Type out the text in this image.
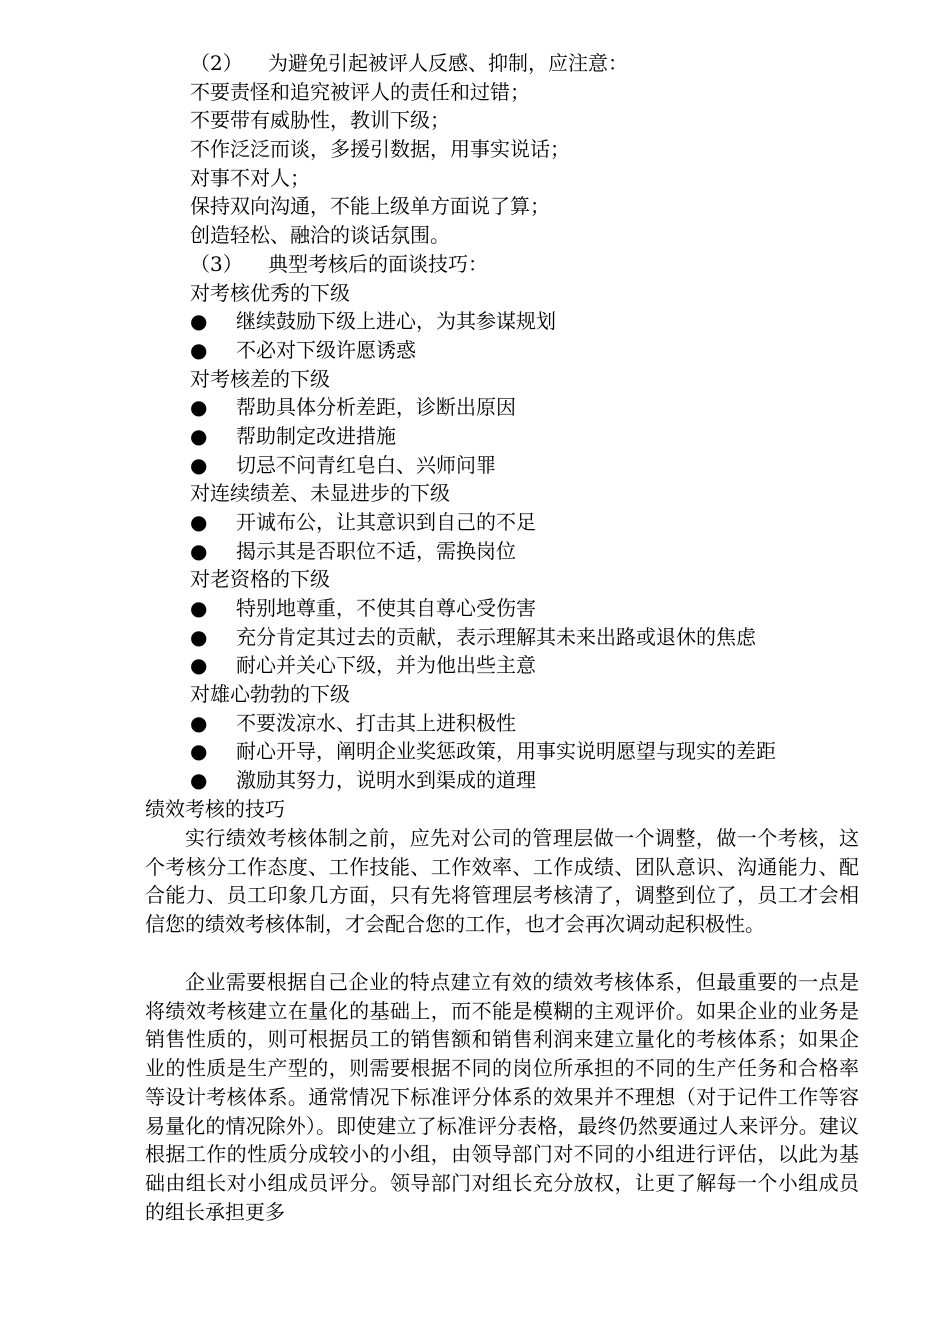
（2） 为避免引起被评人反感、抑制，应注意：
不要责怪和追究被评人的责任和过错；
不要带有威胁性，教训下级；
不作泛泛而谈，多援引数据，用事实说话；
对事不对人；
保持双向沟通，不能上级单方面说了算；
创造轻松、融洽的谈话氛围。
（3） 典型考核后的面谈技巧：
对考核优秀的下级
● 继续鼓励下级上进心，为其参谋规划
● 不必对下级许愿诱惑
对考核差的下级
● 帮助具体分析差距，诊断出原因
● 帮助制定改进措施
● 切忌不问青红皂白、兴师问罪
对连续绩差、未显进步的下级
● 开诚布公，让其意识到自己的不足
● 揭示其是否职位不适，需换岗位
对老资格的下级
● 特别地尊重，不使其自尊心受伤害
● 充分肯定其过去的贡献，表示理解其未来出路或退休的焦虑
● 耐心并关心下级，并为他出些主意
对雄心勃勃的下级
● 不要泼凉水、打击其上进积极性
● 耐心开导，阐明企业奖惩政策，用事实说明愿望与现实的差距
● 激励其努力，说明水到渠成的道理
绩效考核的技巧

实行绩效考核体制之前，应先对公司的管理层做一个调整，做一个考核，这个考核分工作态度、工作技能、工作效率、工作成绩、团队意识、沟通能力、配合能力、员工印象几方面，只有先将管理层考核清了，调整到位了，员工才会相信您的绩效考核体制，才会配合您的工作，也才会再次调动起积极性。

企业需要根据自己企业的特点建立有效的绩效考核体系，但最重要的一点是将绩效考核建立在量化的基础上，而不能是模糊的主观评价。如果企业的业务是销售性质的，则可根据员工的销售额和销售利润来建立量化的考核体系；如果企业的性质是生产型的，则需要根据不同的岗位所承担的不同的生产任务和合格率等设计考核体系。通常情况下标准评分体系的效果并不理想（对于记件工作等容易量化的情况除外）。即使建立了标准评分表格，最终仍然要通过人来评分。建议根据工作的性质分成较小的小组，由领导部门对不同的小组进行评估，以此为基础由组长对小组成员评分。领导部门对组长充分放权，让更了解每一个小组成员的组长承担更多
